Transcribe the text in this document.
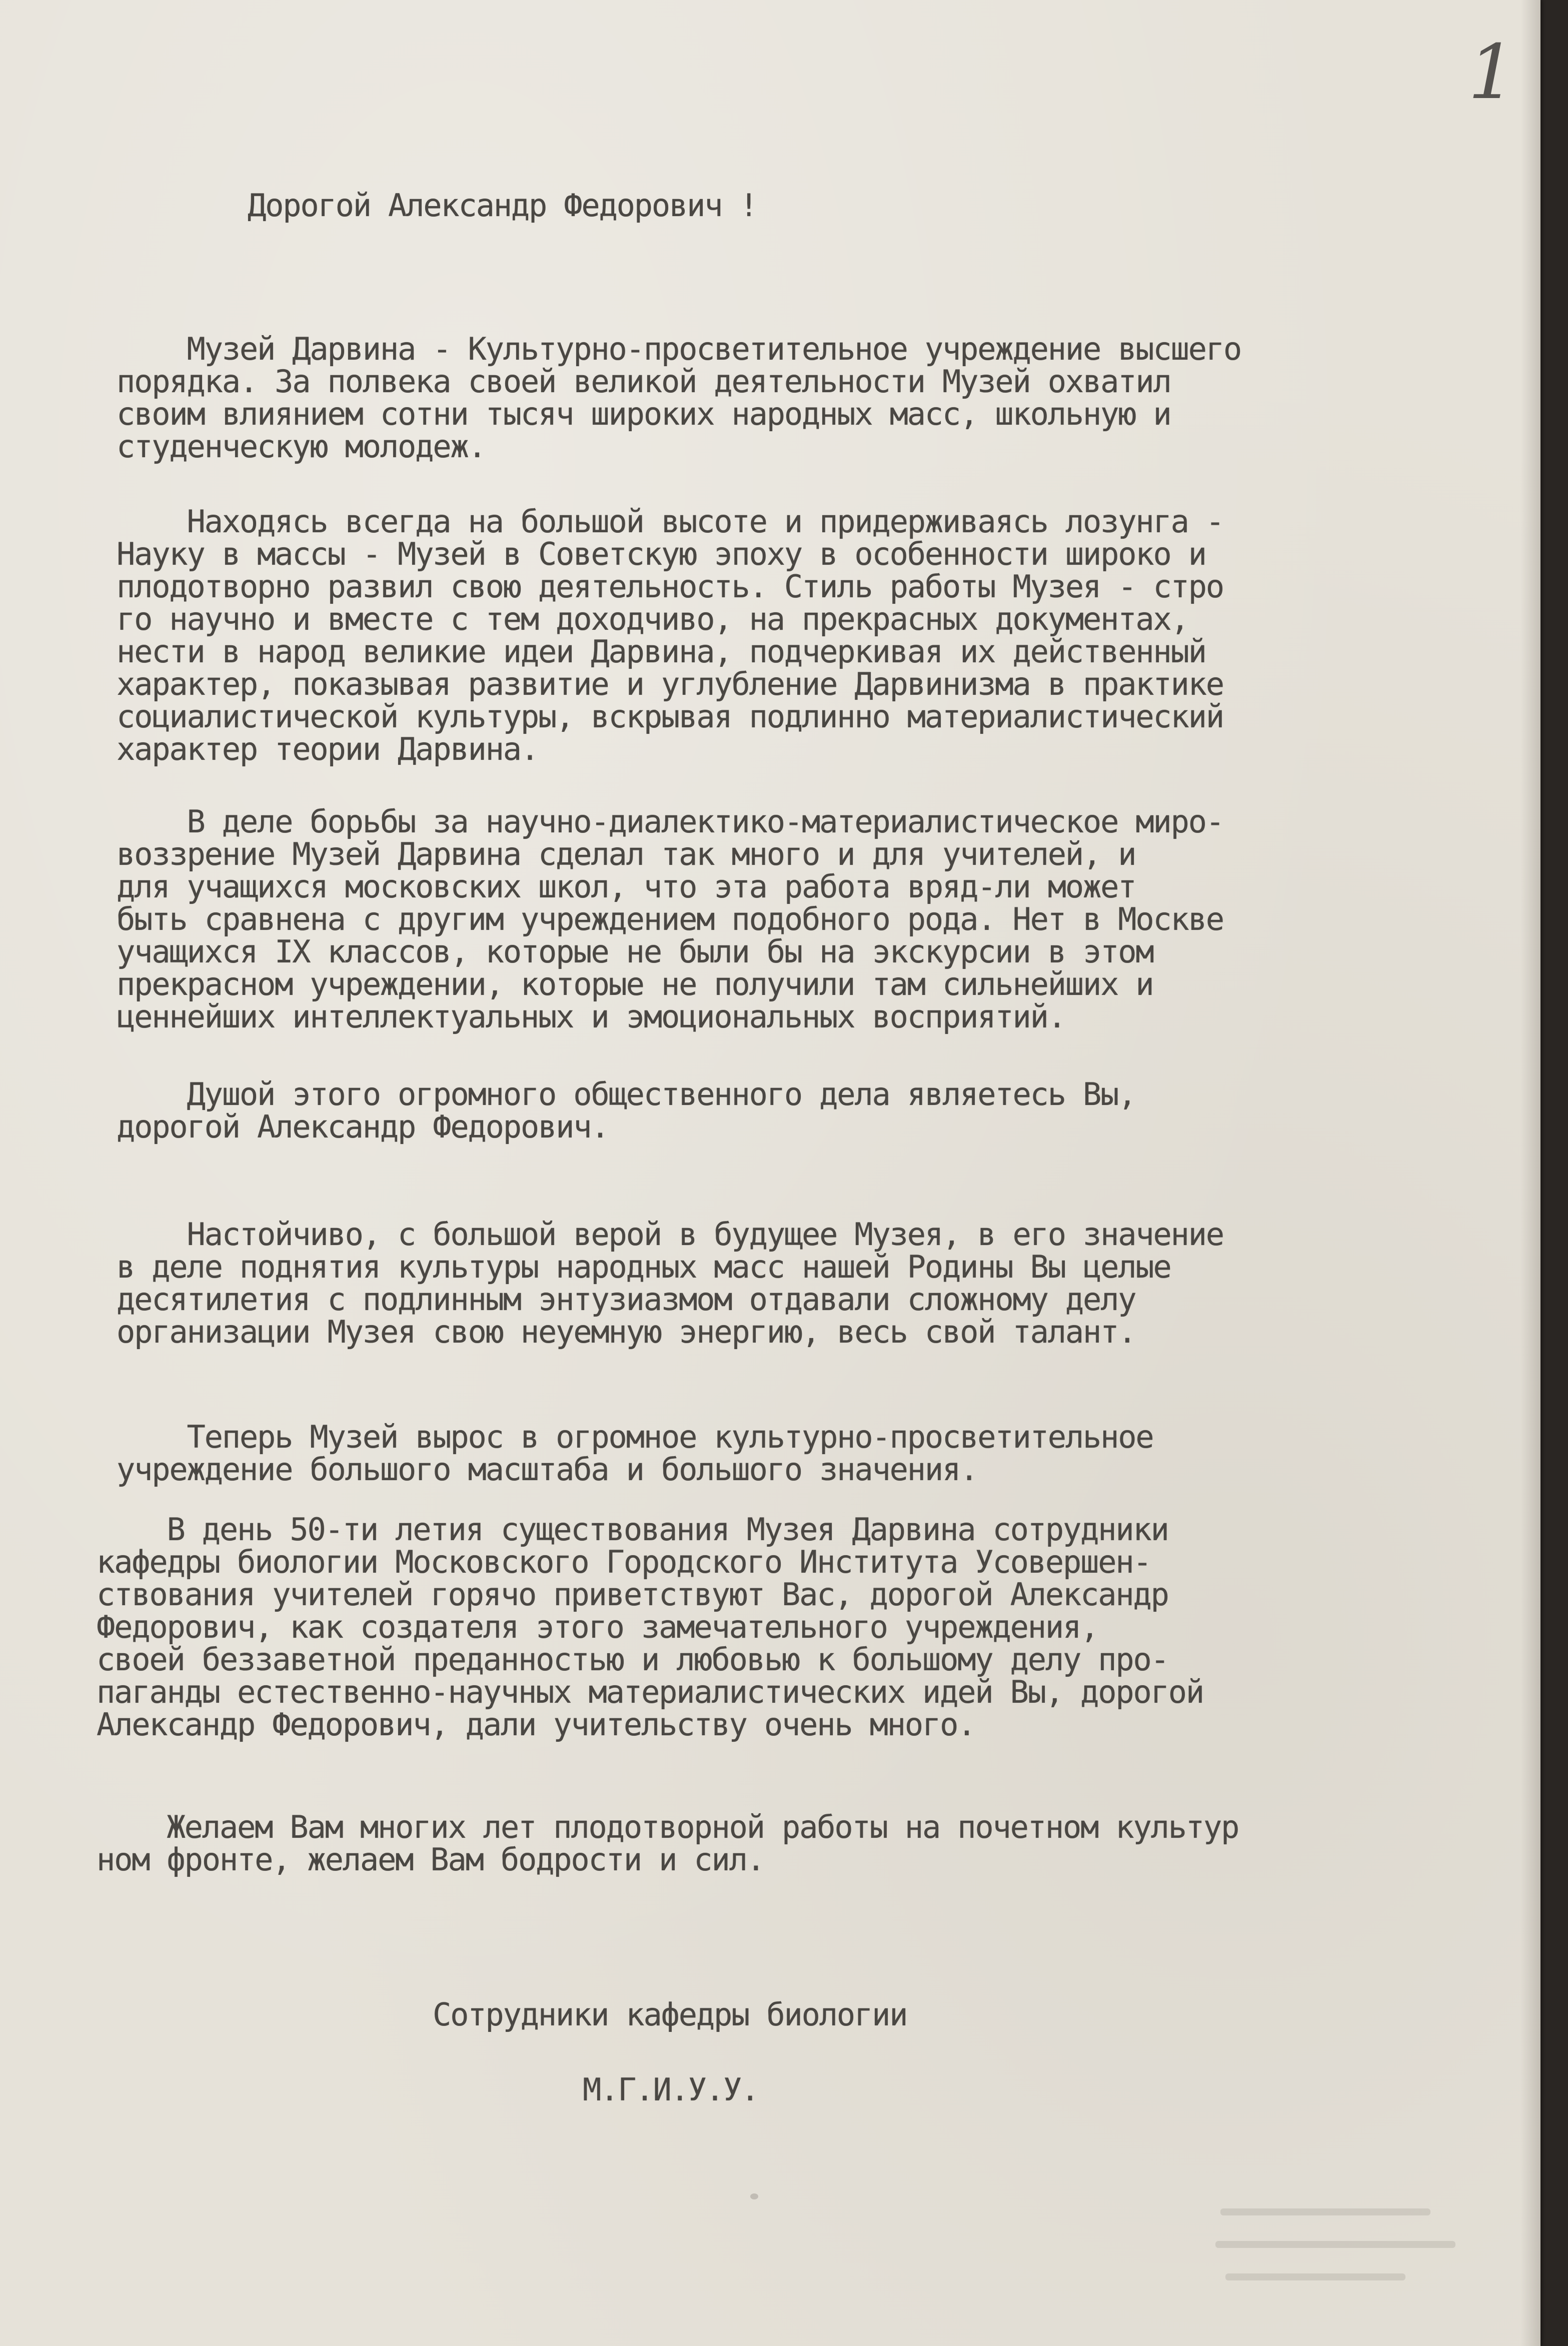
1
Дорогой Александр Федорович !
Музей Дарвина - Культурно-просветительное учреждение высшего
порядка. За полвека своей великой деятельности Музей охватил
своим влиянием сотни тысяч широких народных масс, школьную и
студенческую молодеж.
Находясь всегда на большой высоте и придерживаясь лозунга -
Науку в массы - Музей в Советскую эпоху в особенности широко и
плодотворно развил свою деятельность. Стиль работы Музея - стро
го научно и вместе с тем доходчиво, на прекрасных документах,
нести в народ великие идеи Дарвина, подчеркивая их действенный
характер, показывая развитие и углубление Дарвинизма в практике
социалистической культуры, вскрывая подлинно материалистический
характер теории Дарвина.
В деле борьбы за научно-диалектико-материалистическое миро-
воззрение Музей Дарвина сделал так много и для учителей, и
для учащихся московских школ, что эта работа вряд-ли может
быть сравнена с другим учреждением подобного рода. Нет в Москве
учащихся IX классов, которые не были бы на экскурсии в этом
прекрасном учреждении, которые не получили там сильнейших и
ценнейших интеллектуальных и эмоциональных восприятий.
Душой этого огромного общественного дела являетесь Вы,
дорогой Александр Федорович.
Настойчиво, с большой верой в будущее Музея, в его значение
в деле поднятия культуры народных масс нашей Родины Вы целые
десятилетия с подлинным энтузиазмом отдавали сложному делу
организации Музея свою неуемную энергию, весь свой талант.
Теперь Музей вырос в огромное культурно-просветительное
учреждение большого масштаба и большого значения.
В день 50-ти летия существования Музея Дарвина сотрудники
кафедры биологии Московского Городского Института Усовершен-
ствования учителей горячо приветствуют Вас, дорогой Александр
Федорович, как создателя этого замечательного учреждения,
своей беззаветной преданностью и любовью к большому делу про-
паганды естественно-научных материалистических идей Вы, дорогой
Александр Федорович, дали учительству очень много.
Желаем Вам многих лет плодотворной работы на почетном культур
ном фронте, желаем Вам бодрости и сил.
Сотрудники кафедры биологии
М.Г.И.У.У.
